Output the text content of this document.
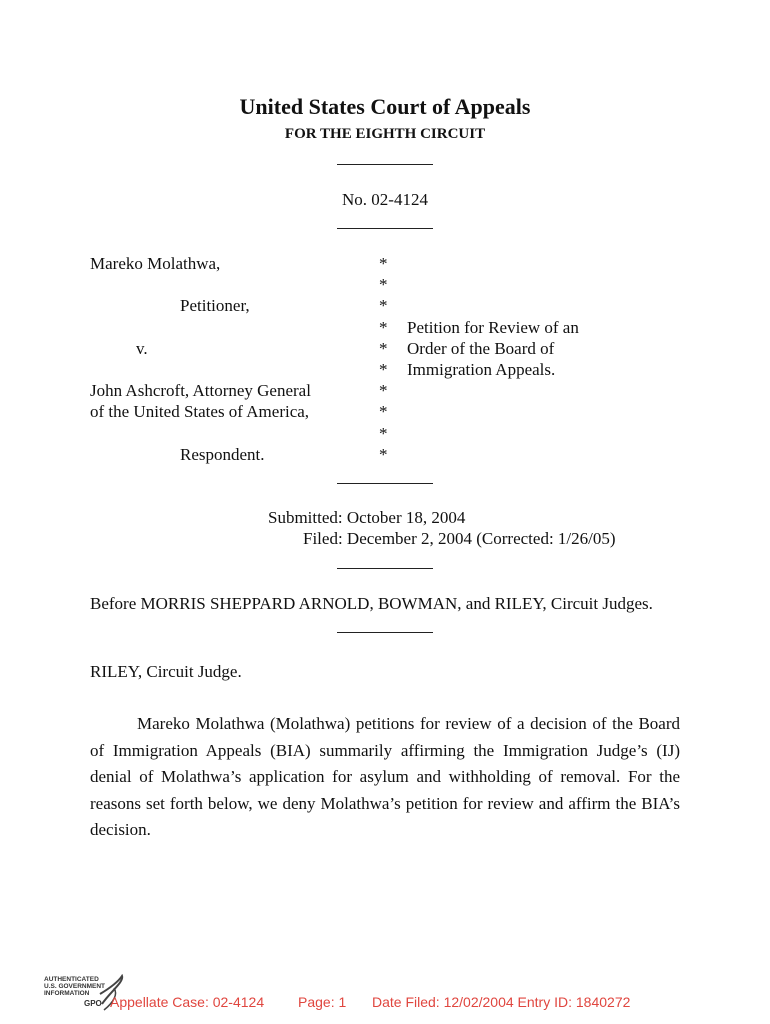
United States Court of Appeals
FOR THE EIGHTH CIRCUIT
No. 02-4124
Mareko Molathwa,
Petitioner,
v.
John Ashcroft, Attorney General
of the United States of America,
Respondent.
*
*
*
*
*
*
*
*
*
*
Petition for Review of an
Order of the Board of
Immigration Appeals.
Submitted: October 18, 2004
Filed: December 2, 2004 (Corrected: 1/26/05)
Before MORRIS SHEPPARD ARNOLD, BOWMAN, and RILEY, Circuit Judges.
RILEY, Circuit Judge.

Mareko Molathwa (Molathwa) petitions for review of a decision of the Board of Immigration Appeals (BIA) summarily affirming the Immigration Judge’s (IJ) denial of Molathwa’s application for asylum and withholding of removal. For the reasons set forth below, we deny Molathwa’s petition for review and affirm the BIA’s decision.

AUTHENTICATED
U.S. GOVERNMENT
INFORMATION
GPO Appellate Case: 02-4124 Page: 1 Date Filed: 12/02/2004 Entry ID: 1840272
